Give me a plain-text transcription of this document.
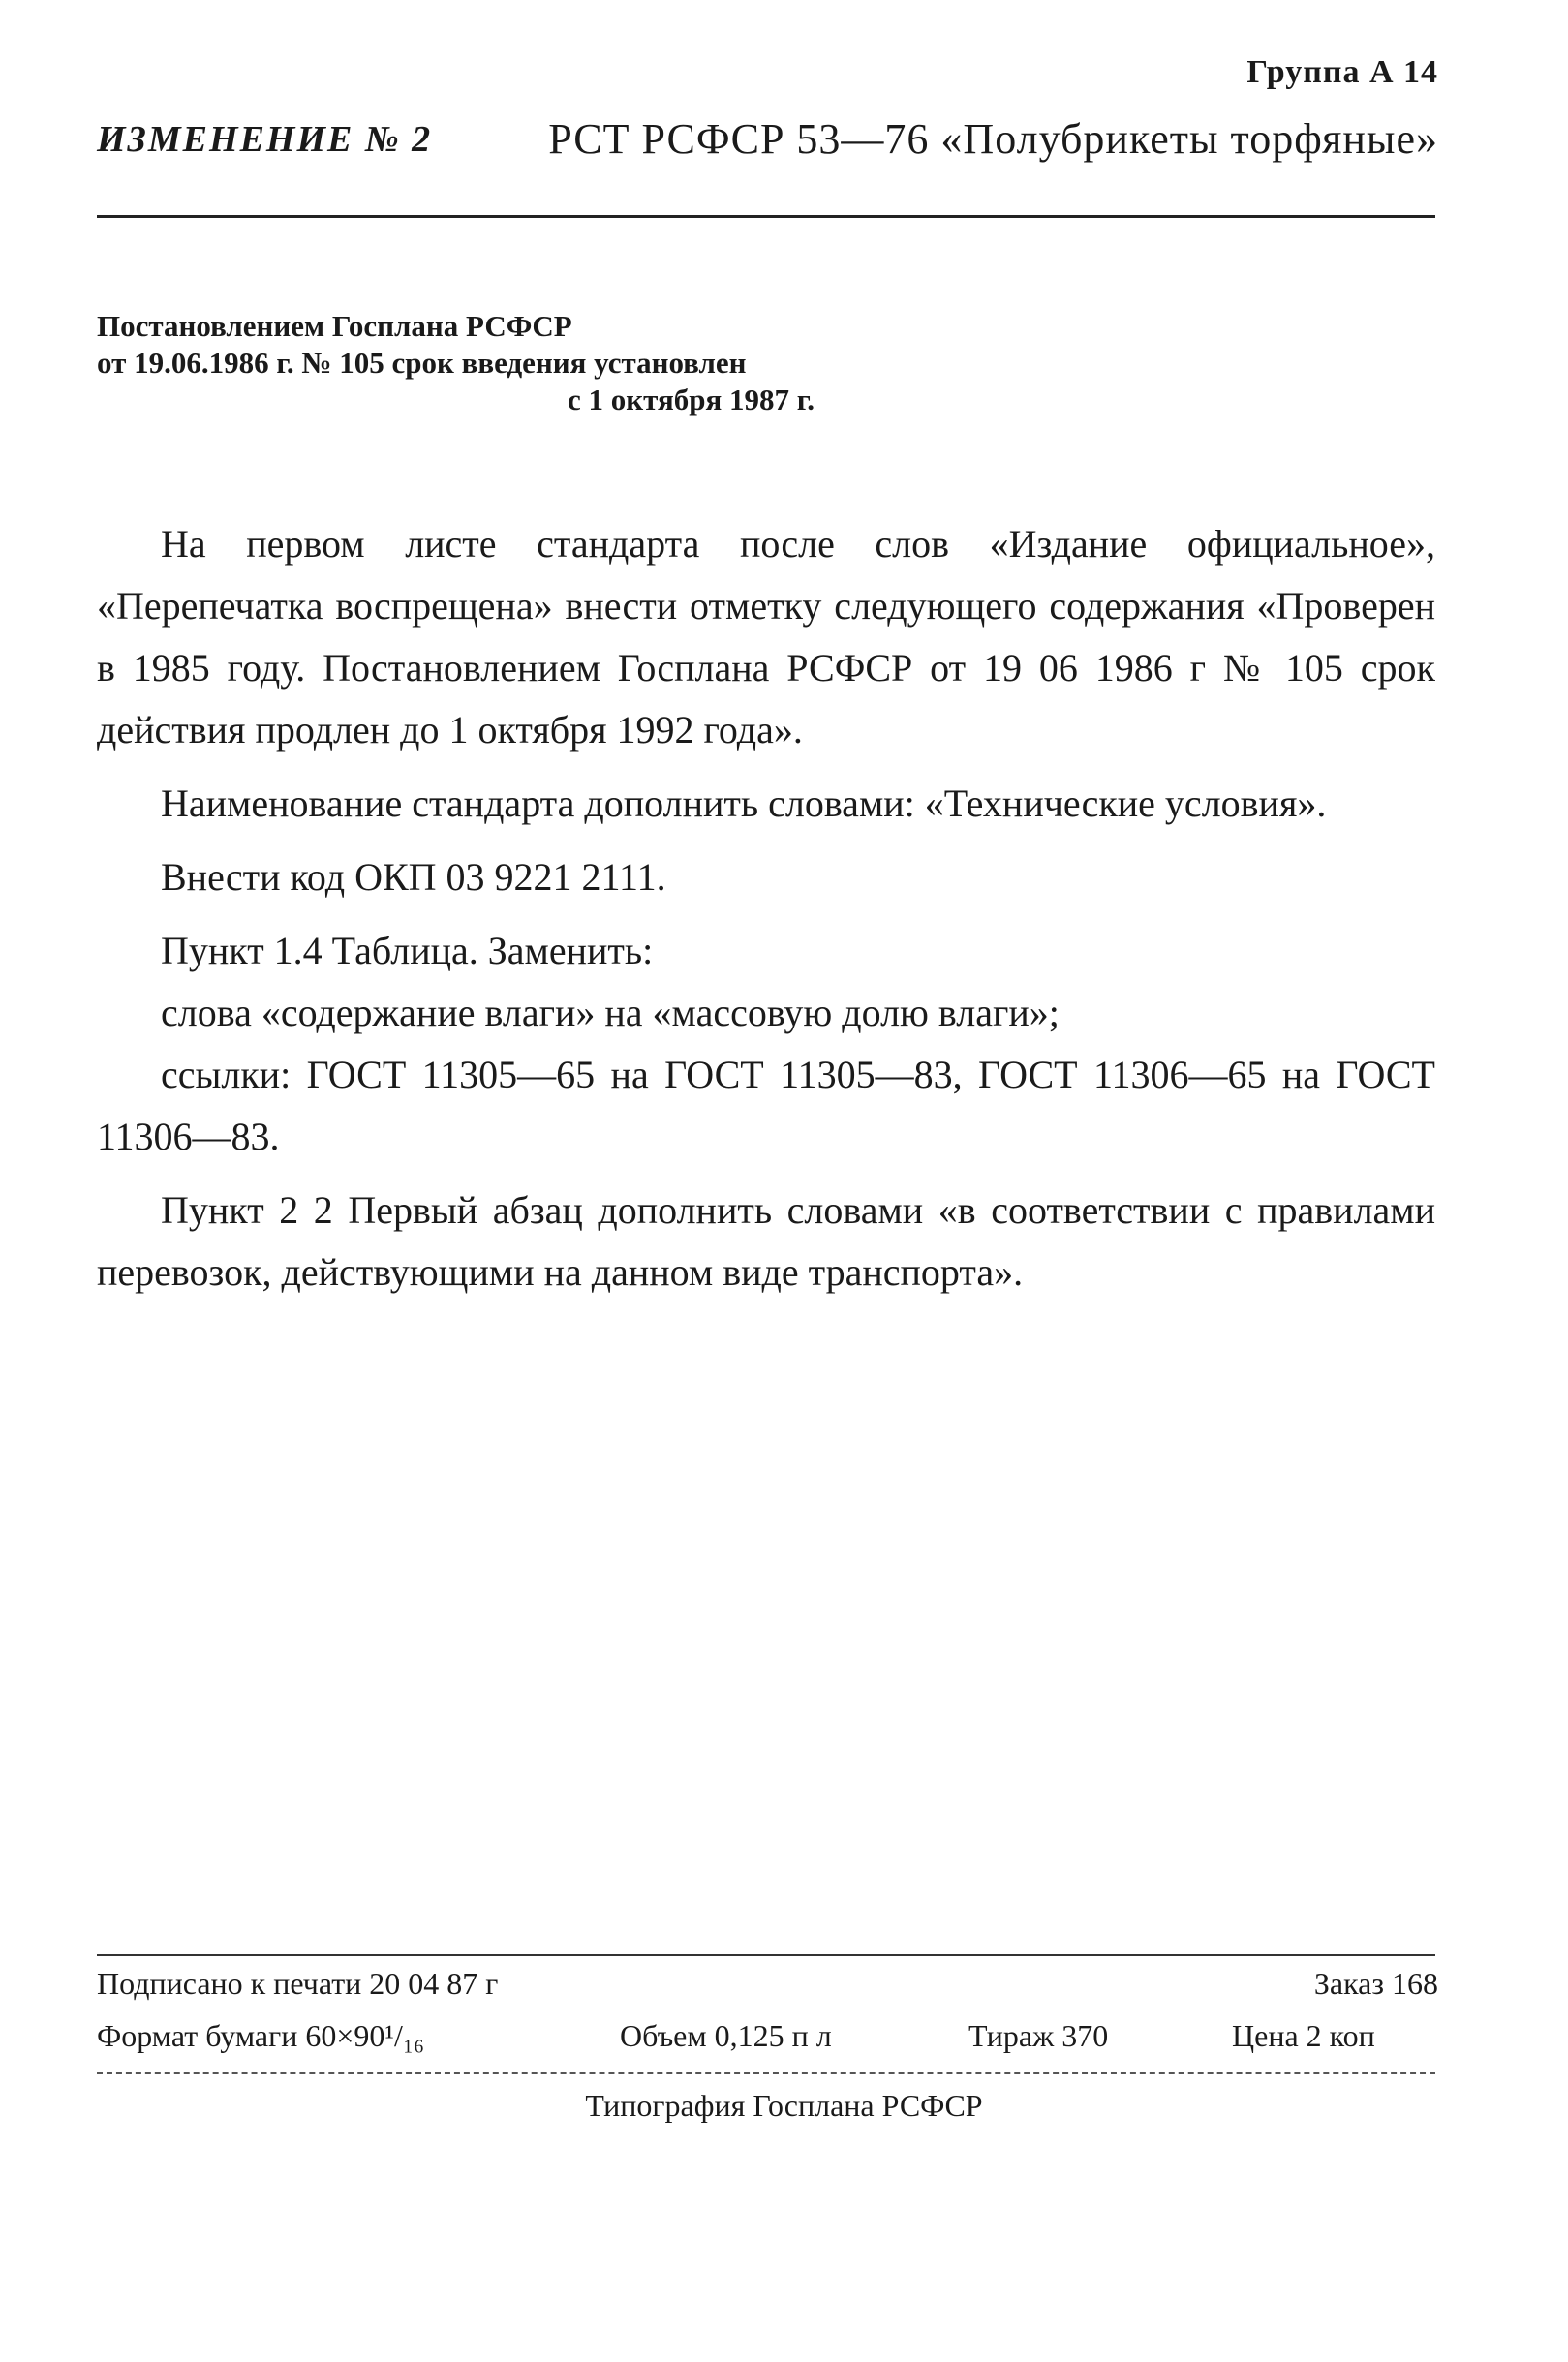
Группа А 14
ИЗМЕНЕНИЕ № 2	РСТ РСФСР 53—76 «Полубрикеты торфяные»
Постановлением Госплана РСФСР
от 19.06.1986 г. № 105 срок введения установлен
с 1 октября 1987 г.

На первом листе стандарта после слов «Издание официальное», «Перепечатка воспрещена» внести отметку следующего содержания «Проверен в 1985 году. Постановлением Госплана РСФСР от 19 06 1986 г № 105 срок действия продлен до 1 октября 1992 года».

Наименование стандарта дополнить словами: «Технические условия».

Внести код ОКП 03 9221 2111.

Пункт 1.4 Таблица. Заменить:

слова «содержание влаги» на «массовую долю влаги»;

ссылки: ГОСТ 11305—65 на ГОСТ 11305—83, ГОСТ 11306—65 на ГОСТ 11306—83.

Пункт 2 2 Первый абзац дополнить словами «в соответствии с правилами перевозок, действующими на данном виде транспорта».

Подписано к печати 20 04 87 г	Заказ 168
Формат бумаги 60×90¹/₁₆	Объем 0,125 п л	Тираж 370	Цена 2 коп
Типография Госплана РСФСР
